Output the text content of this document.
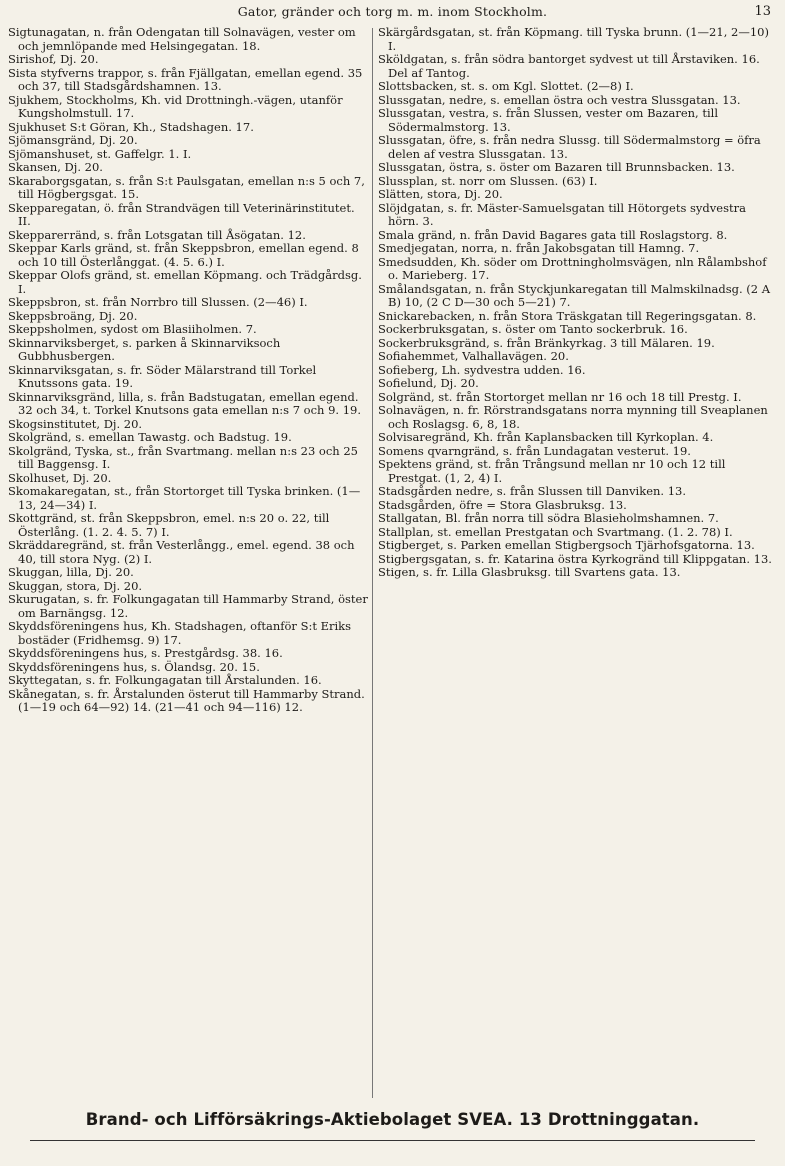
Gator, gränder och torg m. m. inom Stockholm.	13

Sigtunagatan, n. från Odengatan till Solnavägen, vester om och jemnlöpande med Helsingegatan. 18.

Sirishof, Dj. 20.

Sista styfverns trappor, s. från Fjällgatan, emellan egend. 35 och 37, till Stadsgårdshamnen. 13.

Sjukhem, Stockholms, Kh. vid Drottningh.-vägen, utanför Kungsholmstull. 17.

Sjukhuset S:t Göran, Kh., Stadshagen. 17.

Sjömansgränd, Dj. 20.

Sjömanshuset, st. Gaffelgr. 1. I.

Skansen, Dj. 20.

Skaraborgsgatan, s. från S:t Paulsgatan, emellan n:s 5 och 7, till Högbergsgat. 15.

Skepparegatan, ö. från Strandvägen till Veterinärinstitutet. II.

Skeppareгränd, s. från Lotsgatan till Åsögatan. 12.

Skeppar Karls gränd, st. från Skeppsbron, emellan egend. 8 och 10 till Österlånggat. (4. 5. 6.) I.

Skeppar Olofs gränd, st. emellan Köpmang. och Trädgårdsg. I.

Skeppsbron, st. från Norrbro till Slussen. (2—46) I.

Skeppsbroäng, Dj. 20.

Skeppsholmen, sydost om Blasiiholmen. 7.

Skinnarviksberget, s. parken å Skinnarviksoch Gubbhusbergen.

Skinnarviksgatan, s. fr. Söder Mälarstrand till Torkel Knutssons gata. 19.

Skinnarviksgränd, lilla, s. från Badstugatan, emellan egend. 32 och 34, t. Torkel Knutsons gata emellan n:s 7 och 9. 19.

Skogsinstitutet, Dj. 20.

Skolgränd, s. emellan Tawastg. och Badstug. 19.

Skolgränd, Tyska, st., från Svartmang. mellan n:s 23 och 25 till Baggensg. I.

Skolhuset, Dj. 20.

Skomakaregatan, st., från Stortorget till Tyska brinken. (1—13, 24—34) I.

Skottgränd, st. från Skeppsbron, emel. n:s 20 o. 22, till Österlång. (1. 2. 4. 5. 7) I.

Skräddaregränd, st. från Vesterlångg., emel. egend. 38 och 40, till stora Nyg. (2) I.

Skuggan, lilla, Dj. 20.

Skuggan, stora, Dj. 20.

Skurugatan, s. fr. Folkungagatan till Hammarby Strand, öster om Barnängsg. 12.

Skyddsföreningens hus, Kh. Stadshagen, oftanför S:t Eriks bostäder (Fridhemsg. 9) 17.

Skyddsföreningens hus, s. Prestgårdsg. 38. 16.

Skyddsföreningens hus, s. Ölandsg. 20. 15.

Skyttegatan, s. fr. Folkungagatan till Årstalunden. 16.

Skånegatan, s. fr. Årstalunden österut till Hammarby Strand. (1—19 och 64—92) 14. (21—41 och 94—116) 12.

Skärgårdsgatan, st. från Köpmang. till Tyska brunn. (1—21, 2—10) I.

Sköldgatan, s. från södra bantorget sydvest ut till Årstaviken. 16. Del af Tantog.

Slottsbacken, st. s. om Kgl. Slottet. (2—8) I.

Slussgatan, nedre, s. emellan östra och vestra Slussgatan. 13.

Slussgatan, vestra, s. från Slussen, vester om Bazaren, till Södermalmstorg. 13.

Slussgatan, öfre, s. från nedra Slussg. till Södermalmstorg = öfra delen af vestra Slussgatan. 13.

Slussgatan, östra, s. öster om Bazaren till Brunnsbacken. 13.

Slussplan, st. norr om Slussen. (63) I.

Slätten, stora, Dj. 20.

Slöjdgatan, s. fr. Mäster-Samuelsgatan till Hötorgets sydvestra hörn. 3.

Smala gränd, n. från David Bagares gata till Roslagstorg. 8.

Smedjegatan, norra, n. från Jakobsgatan till Hamng. 7.

Smedsudden, Kh. söder om Drottningholmsvägen, nln Rålambshof o. Marieberg. 17.

Smålandsgatan, n. från Styckjunkaregatan till Malmskilnadsg. (2 A B) 10, (2 C D—30 och 5—21) 7.

Snickarebacken, n. från Stora Träskgatan till Regeringsgatan. 8.

Sockerbruksgatan, s. öster om Tanto sockerbruk. 16.

Sockerbruksgränd, s. från Bränkyrkag. 3 till Mälaren. 19.

Sofiahemmet, Valhallavägen. 20.

Sofieberg, Lh. sydvestra udden. 16.

Sofielund, Dj. 20.

Solgränd, st. från Stortorget mellan nr 16 och 18 till Prestg. I.

Solnavägen, n. fr. Rörstrandsgatans norra mynning till Sveaplanen och Roslagsg. 6, 8, 18.

Solvisaregränd, Kh. från Kaplansbacken till Kyrkoplan. 4.

Somens qvarngränd, s. från Lundagatan vesterut. 19.

Spektens gränd, st. från Trångsund mellan nr 10 och 12 till Prestgat. (1, 2, 4) I.

Stadsgården nedre, s. från Slussen till Danviken. 13.

Stadsgården, öfre = Stora Glasbruksg. 13.

Stallgatan, Bl. från norra till södra Blasieholmshamnen. 7.

Stallplan, st. emellan Prestgatan och Svartmang. (1. 2. 78) I.

Stigberget, s. Parken emellan Stigbergsoch Tjärhofsgatorna. 13.

Stigbergsgatan, s. fr. Katarina östra Kyrkogränd till Klippgatan. 13.

Stigen, s. fr. Lilla Glasbruksg. till Svartens gata. 13.

Brand- och Lifförsäkrings-Aktiebolaget SVEA. 13 Drottninggatan.
